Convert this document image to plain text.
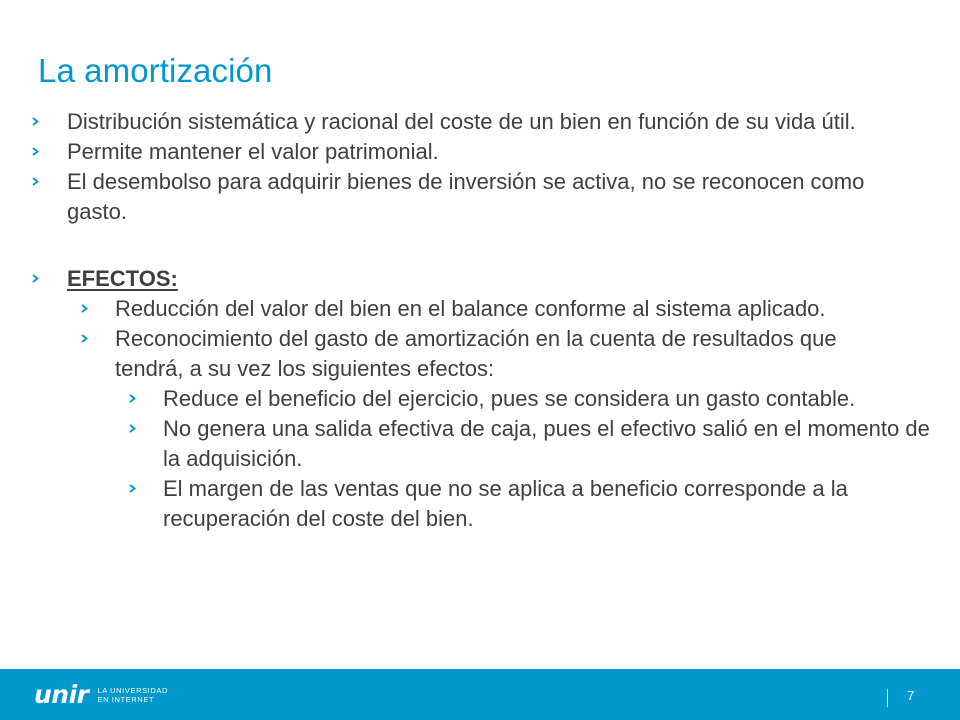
La amortización
Distribución sistemática y racional del coste de un bien en función de su vida útil.
Permite mantener el valor patrimonial.
El desembolso para adquirir bienes de inversión se activa, no se reconocen como gasto.
EFECTOS:
Reducción del valor del bien en el balance conforme al sistema aplicado.
Reconocimiento del gasto de amortización en la cuenta de resultados que tendrá, a su vez los siguientes efectos:
Reduce el beneficio del ejercicio, pues se considera un gasto contable.
No genera una salida efectiva de caja, pues el efectivo salió en el momento de la adquisición.
El margen de las ventas que no se aplica a beneficio corresponde a la recuperación del coste del bien.
unir LA UNIVERSIDAD
EN INTERNET	7
